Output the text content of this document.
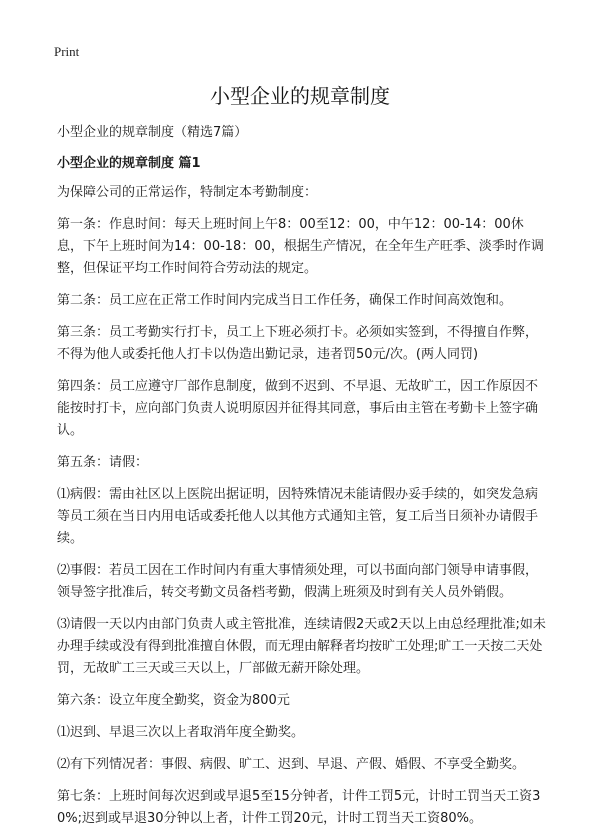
Print
小型企业的规章制度

小型企业的规章制度（精选7篇）

小型企业的规章制度 篇1

为保障公司的正常运作，特制定本考勤制度：

第一条：作息时间：每天上班时间上午8：00至12：00，中午12：00-14：00休息，下午上班时间为14：00-18：00，根据生产情况，在全年生产旺季、淡季时作调整，但保证平均工作时间符合劳动法的规定。

第二条：员工应在正常工作时间内完成当日工作任务，确保工作时间高效饱和。

第三条：员工考勤实行打卡，员工上下班必须打卡。必须如实签到，不得擅自作弊，不得为他人或委托他人打卡以伪造出勤记录，违者罚50元/次。(两人同罚)

第四条：员工应遵守厂部作息制度，做到不迟到、不早退、无故旷工，因工作原因不能按时打卡，应向部门负责人说明原因并征得其同意，事后由主管在考勤卡上签字确认。

第五条：请假：

⑴病假：需由社区以上医院出据证明，因特殊情况未能请假办妥手续的，如突发急病等员工须在当日内用电话或委托他人以其他方式通知主管，复工后当日须补办请假手续。

⑵事假：若员工因在工作时间内有重大事情须处理，可以书面向部门领导申请事假，领导签字批准后，转交考勤文员备档考勤，假满上班须及时到有关人员外销假。

⑶请假一天以内由部门负责人或主管批准，连续请假2天或2天以上由总经理批准;如未办理手续或没有得到批准擅自休假，而无理由解释者均按旷工处理;旷工一天按二天处罚，无故旷工三天或三天以上，厂部做无薪开除处理。

第六条：设立年度全勤奖，资金为800元

⑴迟到、早退三次以上者取消年度全勤奖。

⑵有下列情况者：事假、病假、旷工、迟到、早退、产假、婚假、不享受全勤奖。

第七条：上班时间每次迟到或早退5至15分钟者，计件工罚5元，计时工罚当天工资30%;迟到或早退30分钟以上者，计件工罚20元，计时工罚当天工资80%。
